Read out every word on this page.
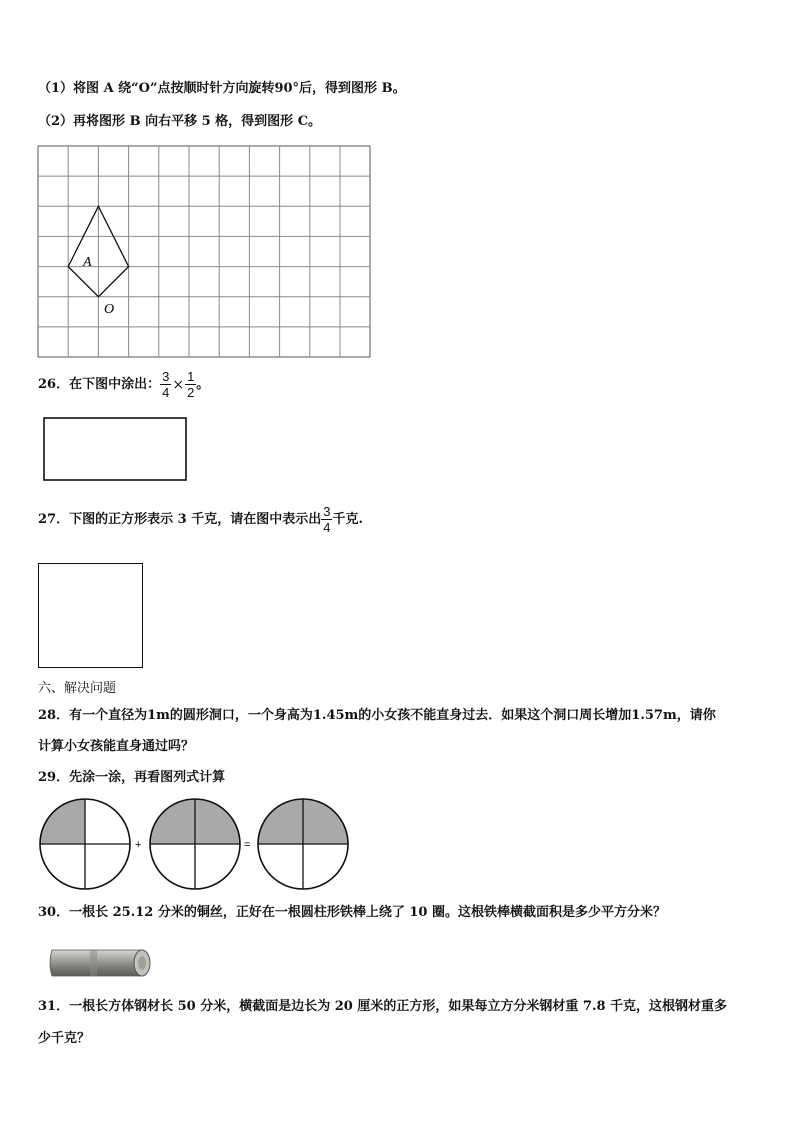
（1）将图 A 绕“O”点按顺时针方向旋转90°后，得到图形 B。
（2）再将图形 B 向右平移 5 格，得到图形 C。
A
O
26．在下图中涂出： $\frac{3}{4} \times \frac{1}{2}$ 。
27．下图的正方形表示 3 千克，请在图中表示出 $\frac{3}{4}$ 千克.
六、解决问题
28．有一个直径为1m的圆形洞口，一个身高为1.45m的小女孩不能直身过去．如果这个洞口周长增加1.57m，请你
计算小女孩能直身通过吗？
29．先涂一涂，再看图列式计算
+	=
30．一根长 25.12 分米的铜丝，正好在一根圆柱形铁棒上绕了 10 圈。这根铁棒横截面积是多少平方分米？
31．一根长方体钢材长 50 分米，横截面是边长为 20 厘米的正方形，如果每立方分米钢材重 7.8 千克，这根钢材重多
少千克？
